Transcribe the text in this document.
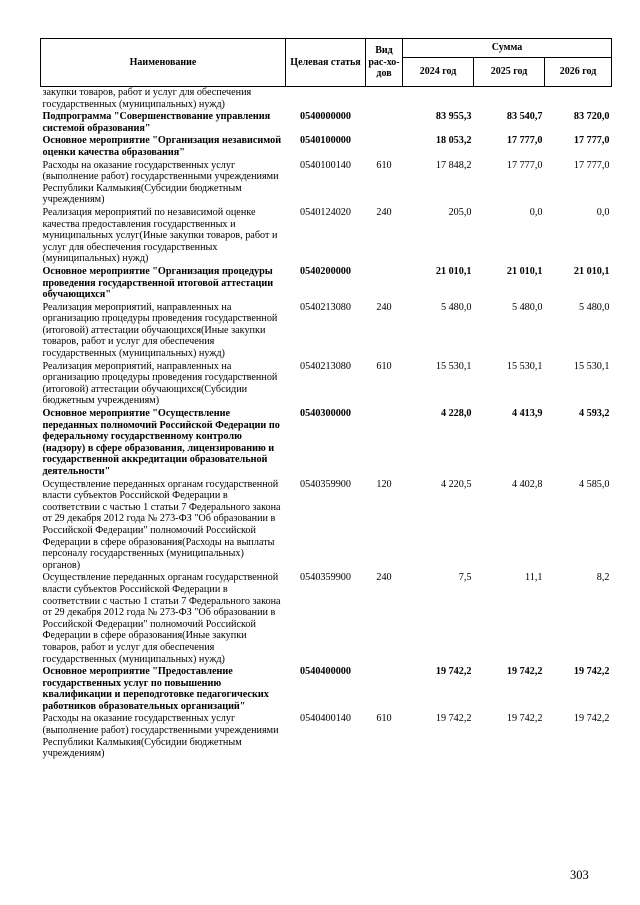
Наименование	Целевая статья	Вид рас-хо-дов	Сумма		
			2024 год	2025 год	2026 год
закупки товаров, работ и услуг для обеспечения государственных (муниципальных) нужд)					
Подпрограмма "Совершенствование управления системой образования"	0540000000		83 955,3	83 540,7	83 720,0
Основное мероприятие "Организация независимой оценки качества образования"	0540100000		18 053,2	17 777,0	17 777,0
Расходы на оказание государственных услуг (выполнение работ) государственными учреждениями Республики Калмыкия(Субсидии бюджетным учреждениям)	0540100140	610	17 848,2	17 777,0	17 777,0
Реализация мероприятий по независимой оценке качества предоставления государственных и муниципальных услуг(Иные закупки товаров, работ и услуг для обеспечения государственных (муниципальных) нужд)	0540124020	240	205,0	0,0	0,0
Основное мероприятие "Организация процедуры проведения государственной итоговой аттестации обучающихся"	0540200000		21 010,1	21 010,1	21 010,1
Реализация мероприятий, направленных на организацию процедуры проведения государственной (итоговой) аттестации обучающихся(Иные закупки товаров, работ и услуг для обеспечения государственных (муниципальных) нужд)	0540213080	240	5 480,0	5 480,0	5 480,0
Реализация мероприятий, направленных на организацию процедуры проведения государственной (итоговой) аттестации обучающихся(Субсидии бюджетным учреждениям)	0540213080	610	15 530,1	15 530,1	15 530,1
Основное мероприятие "Осуществление переданных полномочий Российской Федерации по федеральному государственному контролю (надзору) в сфере образования, лицензированию и государственной аккредитации образовательной деятельности"	0540300000		4 228,0	4 413,9	4 593,2
Осуществление переданных органам государственной власти субъектов Российской Федерации в соответствии с частью 1 статьи 7 Федерального закона от 29 декабря 2012 года № 273-ФЗ "Об образовании в Российской Федерации" полномочий Российской Федерации в сфере образования(Расходы на выплаты персоналу государственных (муниципальных) органов)	0540359900	120	4 220,5	4 402,8	4 585,0
Осуществление переданных органам государственной власти субъектов Российской Федерации в соответствии с частью 1 статьи 7 Федерального закона от 29 декабря 2012 года № 273-ФЗ "Об образовании в Российской Федерации" полномочий Российской Федерации в сфере образования(Иные закупки товаров, работ и услуг для обеспечения государственных (муниципальных) нужд)	0540359900	240	7,5	11,1	8,2
Основное мероприятие "Предоставление государственных услуг по повышению квалификации и переподготовке педагогических работников образовательных организаций"	0540400000		19 742,2	19 742,2	19 742,2
Расходы на оказание государственных услуг (выполнение работ) государственными учреждениями Республики Калмыкия(Субсидии бюджетным учреждениям)	0540400140	610	19 742,2	19 742,2	19 742,2
303
